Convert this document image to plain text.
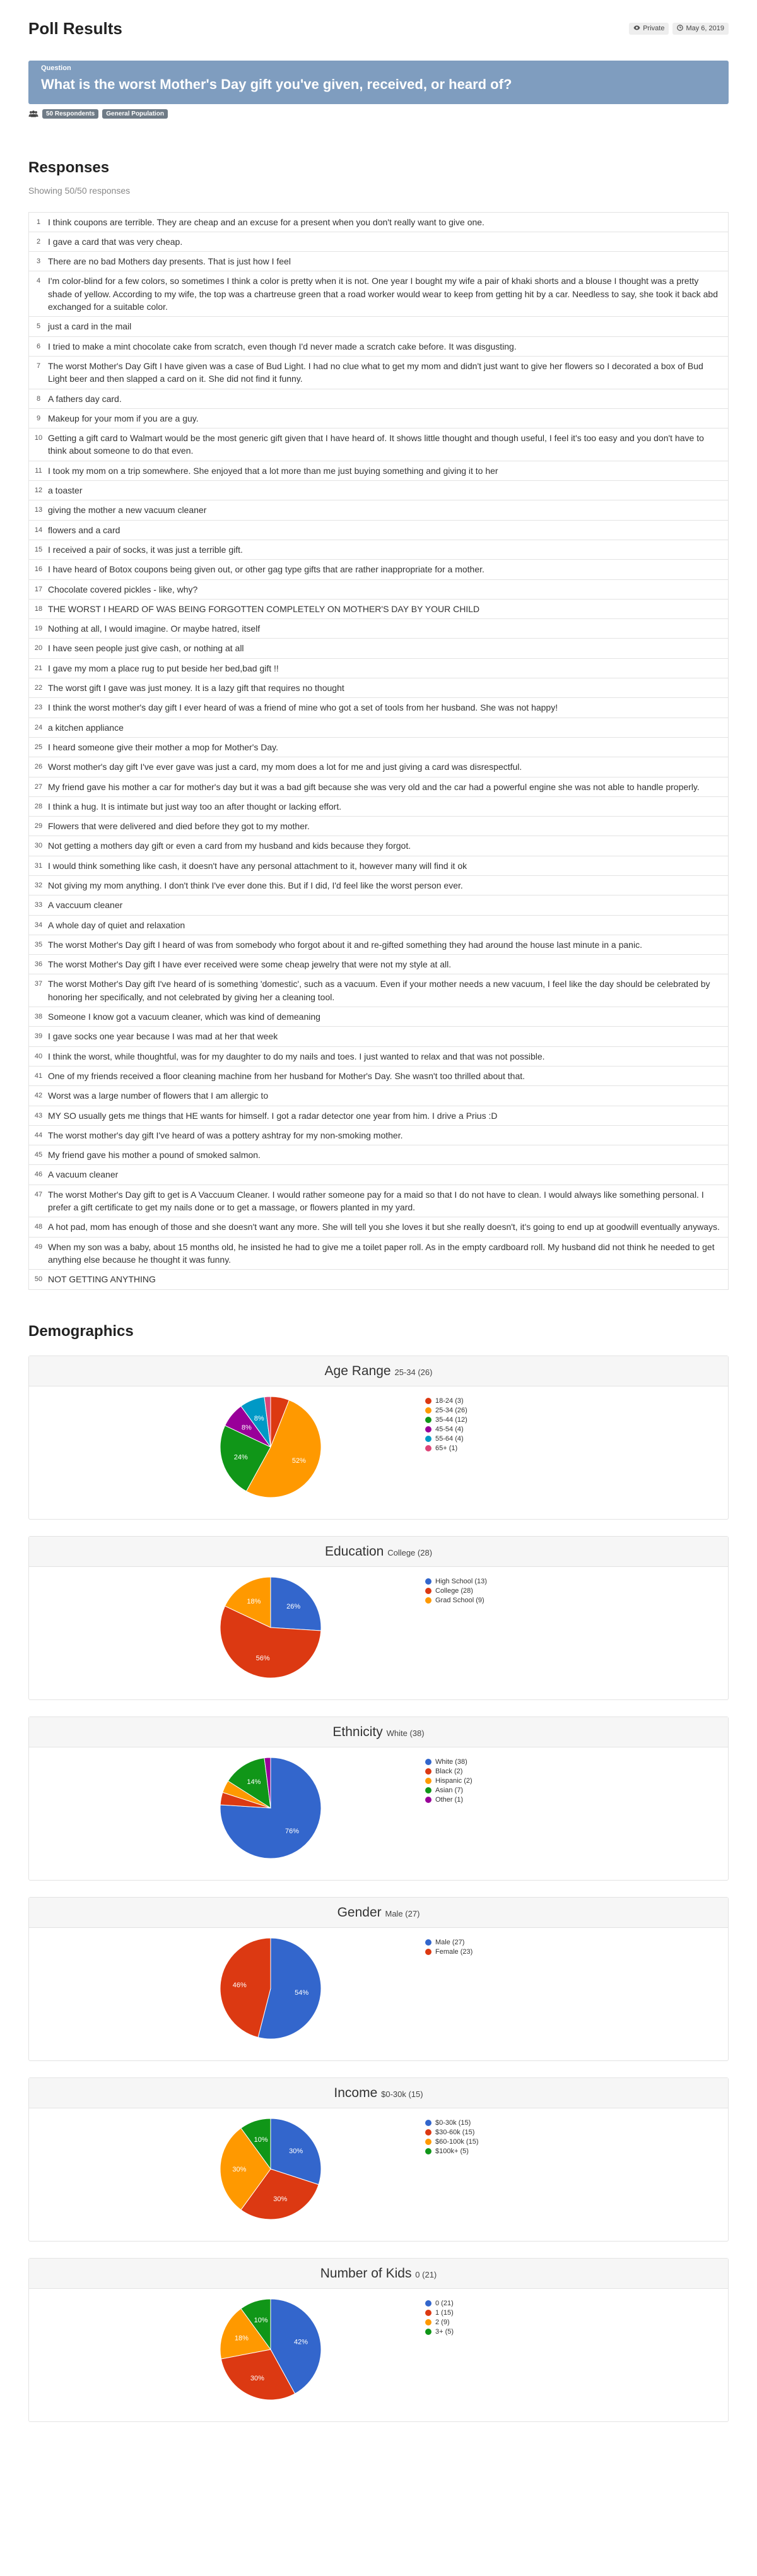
Poll Results	Private	May 6, 2019
Question

What is the worst Mother's Day gift you've given, received, or heard of?

50 Respondents	General Population
Responses
Showing 50/50 responses
1 I think coupons are terrible. They are cheap and an excuse for a present when you don't really want to give one.
2 I gave a card that was very cheap.
3 There are no bad Mothers day presents. That is just how I feel
4 I'm color-blind for a few colors, so sometimes I think a color is pretty when it is not. One year I bought my wife a pair of khaki shorts and a blouse I thought was a pretty shade of yellow. According to my wife, the top was a chartreuse green that a road worker would wear to keep from getting hit by a car. Needless to say, she took it back abd exchanged for a suitable color.
5 just a card in the mail
6 I tried to make a mint chocolate cake from scratch, even though I'd never made a scratch cake before. It was disgusting.
7 The worst Mother's Day Gift I have given was a case of Bud Light. I had no clue what to get my mom and didn't just want to give her flowers so I decorated a box of Bud Light beer and then slapped a card on it. She did not find it funny.
8 A fathers day card.
9 Makeup for your mom if you are a guy.
10 Getting a gift card to Walmart would be the most generic gift given that I have heard of. It shows little thought and though useful, I feel it's too easy and you don't have to think about someone to do that even.
11 I took my mom on a trip somewhere. She enjoyed that a lot more than me just buying something and giving it to her
12 a toaster
13 giving the mother a new vacuum cleaner
14 flowers and a card
15 I received a pair of socks, it was just a terrible gift.
16 I have heard of Botox coupons being given out, or other gag type gifts that are rather inappropriate for a mother.
17 Chocolate covered pickles - like, why?
18 THE WORST I HEARD OF WAS BEING FORGOTTEN COMPLETELY ON MOTHER'S DAY BY YOUR CHILD
19 Nothing at all, I would imagine. Or maybe hatred, itself
20 I have seen people just give cash, or nothing at all
21 I gave my mom a place rug to put beside her bed,bad gift !!
22 The worst gift I gave was just money. It is a lazy gift that requires no thought
23 I think the worst mother's day gift I ever heard of was a friend of mine who got a set of tools from her husband. She was not happy!
24 a kitchen appliance
25 I heard someone give their mother a mop for Mother's Day.
26 Worst mother's day gift I've ever gave was just a card, my mom does a lot for me and just giving a card was disrespectful.
27 My friend gave his mother a car for mother's day but it was a bad gift because she was very old and the car had a powerful engine she was not able to handle properly.
28 I think a hug. It is intimate but just way too an after thought or lacking effort.
29 Flowers that were delivered and died before they got to my mother.
30 Not getting a mothers day gift or even a card from my husband and kids because they forgot.
31 I would think something like cash, it doesn't have any personal attachment to it, however many will find it ok
32 Not giving my mom anything. I don't think I've ever done this. But if I did, I'd feel like the worst person ever.
33 A vaccuum cleaner
34 A whole day of quiet and relaxation
35 The worst Mother's Day gift I heard of was from somebody who forgot about it and re-gifted something they had around the house last minute in a panic.
36 The worst Mother's Day gift I have ever received were some cheap jewelry that were not my style at all.
37 The worst Mother's Day gift I've heard of is something 'domestic', such as a vacuum. Even if your mother needs a new vacuum, I feel like the day should be celebrated by honoring her specifically, and not celebrated by giving her a cleaning tool.
38 Someone I know got a vacuum cleaner, which was kind of demeaning
39 I gave socks one year because I was mad at her that week
40 I think the worst, while thoughtful, was for my daughter to do my nails and toes. I just wanted to relax and that was not possible.
41 One of my friends received a floor cleaning machine from her husband for Mother's Day. She wasn't too thrilled about that.
42 Worst was a large number of flowers that I am allergic to
43 MY SO usually gets me things that HE wants for himself. I got a radar detector one year from him. I drive a Prius :D
44 The worst mother's day gift I've heard of was a pottery ashtray for my non-smoking mother.
45 My friend gave his mother a pound of smoked salmon.
46 A vacuum cleaner
47 The worst Mother's Day gift to get is A Vaccuum Cleaner. I would rather someone pay for a maid so that I do not have to clean. I would always like something personal. I prefer a gift certificate to get my nails done or to get a massage, or flowers planted in my yard.
48 A hot pad, mom has enough of those and she doesn't want any more. She will tell you she loves it but she really doesn't, it's going to end up at goodwill eventually anyways.
49 When my son was a baby, about 15 months old, he insisted he had to give me a toilet paper roll. As in the empty cardboard roll. My husband did not think he needed to get anything else because he thought it was funny.
50 NOT GETTING ANYTHING
Demographics
Age Range 25-34 (26)
52%
24%
8%
8%
18-24 (3)
25-34 (26)
35-44 (12)
45-54 (4)
55-64 (4)
65+ (1)
Education College (28)
26%
56%
18%
High School (13)
College (28)
Grad School (9)
Ethnicity White (38)
76%
14%
White (38)
Black (2)
Hispanic (2)
Asian (7)
Other (1)
Gender Male (27)
54%
46%
Male (27)
Female (23)
Income $0-30k (15)
30%
30%
30%
10%
$0-30k (15)
$30-60k (15)
$60-100k (15)
$100k+ (5)
Number of Kids 0 (21)
42%
30%
18%
10%
0 (21)
1 (15)
2 (9)
3+ (5)
